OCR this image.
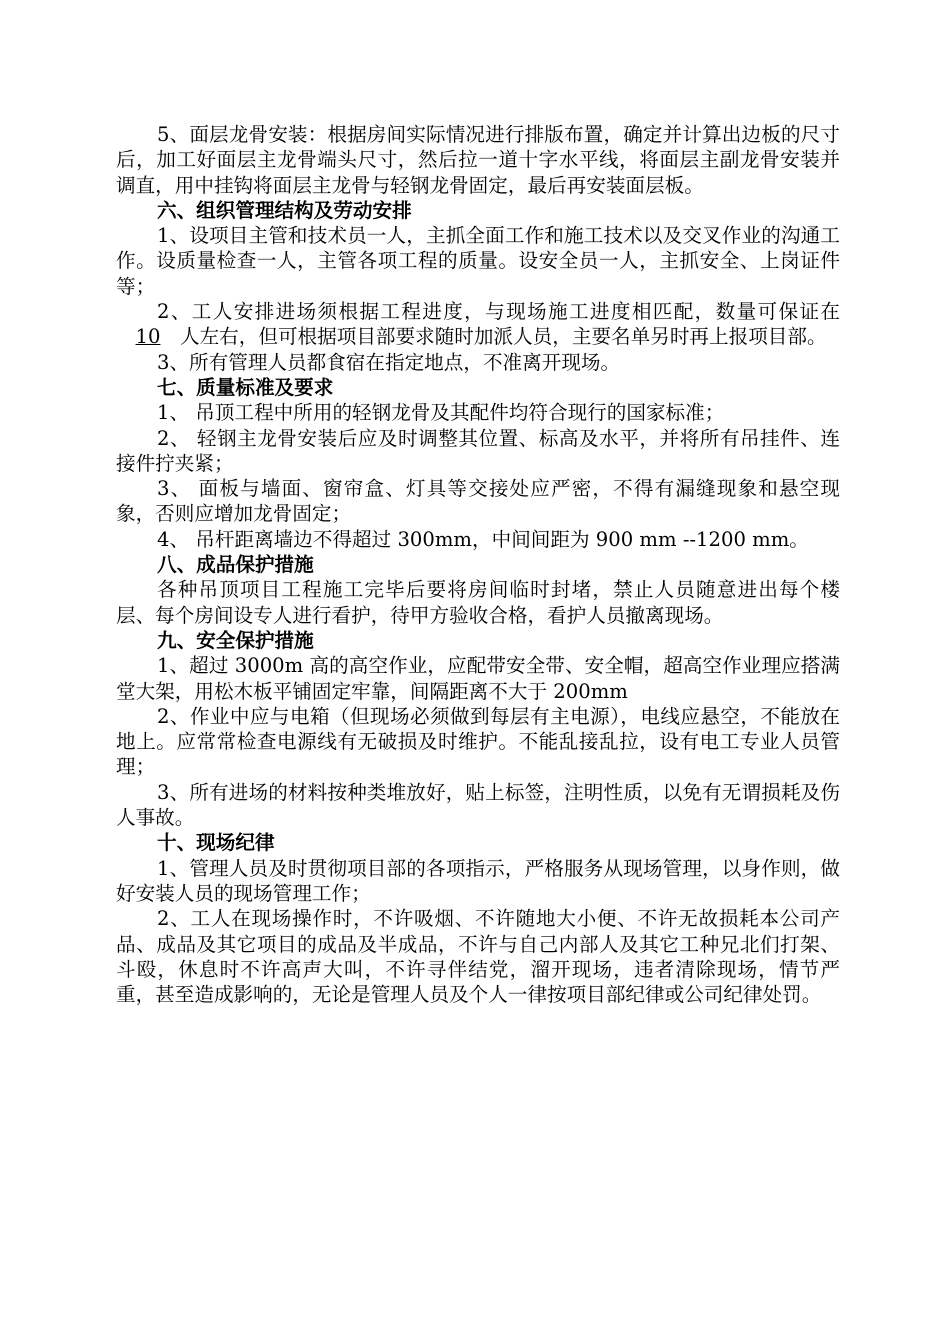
5、面层龙骨安装：根据房间实际情况进行排版布置，确定并计算出边板的尺寸后，加工好面层主龙骨端头尺寸，然后拉一道十字水平线，将面层主副龙骨安装并调直，用中挂钩将面层主龙骨与轻钢龙骨固定，最后再安装面层板。

六、组织管理结构及劳动安排

1、设项目主管和技术员一人，主抓全面工作和施工技术以及交叉作业的沟通工作。设质量检查一人，主管各项工程的质量。设安全员一人，主抓安全、上岗证件等；

2、工人安排进场须根据工程进度，与现场施工进度相匹配，数量可保证在10 人左右，但可根据项目部要求随时加派人员，主要名单另时再上报项目部。

3、所有管理人员都食宿在指定地点，不准离开现场。

七、质量标准及要求

1、 吊顶工程中所用的轻钢龙骨及其配件均符合现行的国家标准；

2、 轻钢主龙骨安装后应及时调整其位置、标高及水平，并将所有吊挂件、连接件拧夹紧；

3、 面板与墙面、窗帘盒、灯具等交接处应严密，不得有漏缝现象和悬空现象，否则应增加龙骨固定；

4、 吊杆距离墙边不得超过 300mm，中间间距为 900 mm --1200 mm。

八、成品保护措施

各种吊顶项目工程施工完毕后要将房间临时封堵，禁止人员随意进出每个楼层、每个房间设专人进行看护，待甲方验收合格，看护人员撤离现场。

九、安全保护措施

1、超过 3000m 高的高空作业，应配带安全带、安全帽，超高空作业理应搭满堂大架，用松木板平铺固定牢靠，间隔距离不大于 200mm

2、作业中应与电箱（但现场必须做到每层有主电源），电线应悬空，不能放在地上。应常常检查电源线有无破损及时维护。不能乱接乱拉，设有电工专业人员管理；

3、所有进场的材料按种类堆放好，贴上标签，注明性质，以免有无谓损耗及伤人事故。

十、现场纪律

1、管理人员及时贯彻项目部的各项指示，严格服务从现场管理，以身作则，做好安装人员的现场管理工作；

2、工人在现场操作时，不许吸烟、不许随地大小便、不许无故损耗本公司产品、成品及其它项目的成品及半成品，不许与自己内部人及其它工种兄北们打架、斗殴，休息时不许高声大叫，不许寻伴结党，溜开现场，违者清除现场，情节严重，甚至造成影响的，无论是管理人员及个人一律按项目部纪律或公司纪律处罚。
